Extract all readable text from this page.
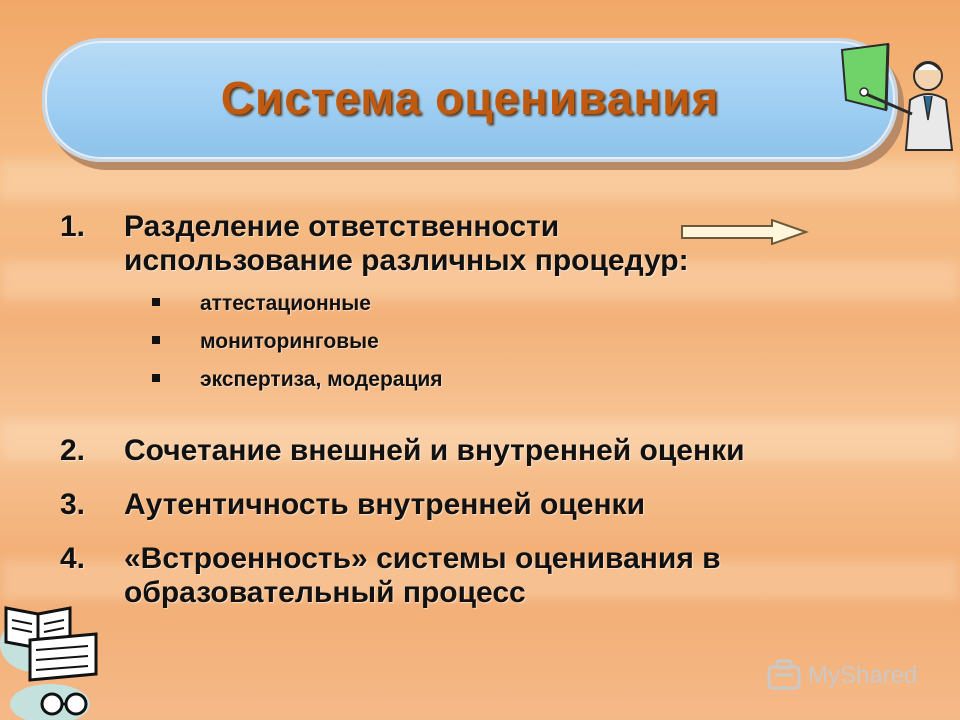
Система оценивания
1.	Разделение ответственности
использование различных процедур:
аттестационные
мониторинговые
экспертиза, модерация
2.	Сочетание внешней и внутренней оценки
3.	Аутентичность внутренней оценки
4.	«Встроенность» системы оценивания в
образовательный процесс
MyShared
